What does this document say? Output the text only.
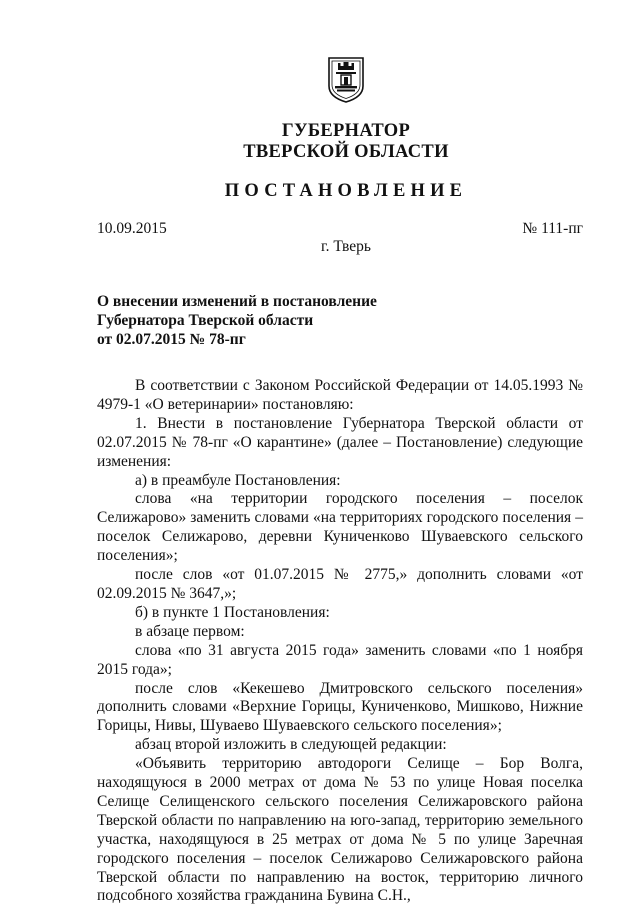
ГУБЕРНАТОР
ТВЕРСКОЙ ОБЛАСТИ
ПОСТАНОВЛЕНИЕ
10.09.2015	№ 111-пг
г. Тверь
О внесении изменений в постановление
Губернатора Тверской области
от 02.07.2015 № 78-пг
В соответствии с Законом Российской Федерации от 14.05.1993 № 4979-1 «О ветеринарии» постановляю:
1. Внести в постановление Губернатора Тверской области от 02.07.2015 № 78-пг «О карантине» (далее – Постановление) следующие изменения:
а) в преамбуле Постановления:
слова «на территории городского поселения – поселок Селижарово» заменить словами «на территориях городского поселения – поселок Селижарово, деревни Куниченково Шуваевского сельского поселения»;
после слов «от 01.07.2015 № 2775,» дополнить словами «от 02.09.2015 № 3647,»;
б) в пункте 1 Постановления:
в абзаце первом:
слова «по 31 августа 2015 года» заменить словами «по 1 ноября 2015 года»;
после слов «Кекешево Дмитровского сельского поселения» дополнить словами «Верхние Горицы, Куниченково, Мишково, Нижние Горицы, Нивы, Шуваево Шуваевского сельского поселения»;
абзац второй изложить в следующей редакции:
«Объявить территорию автодороги Селище – Бор Волга, находящуюся в 2000 метрах от дома № 53 по улице Новая поселка Селище Селищенского сельского поселения Селижаровского района Тверской области по направлению на юго-запад, территорию земельного участка, находящуюся в 25 метрах от дома № 5 по улице Заречная городского поселения – поселок Селижарово Селижаровского района Тверской области по направлению на восток, территорию личного подсобного хозяйства гражданина Бувина С.Н.,
